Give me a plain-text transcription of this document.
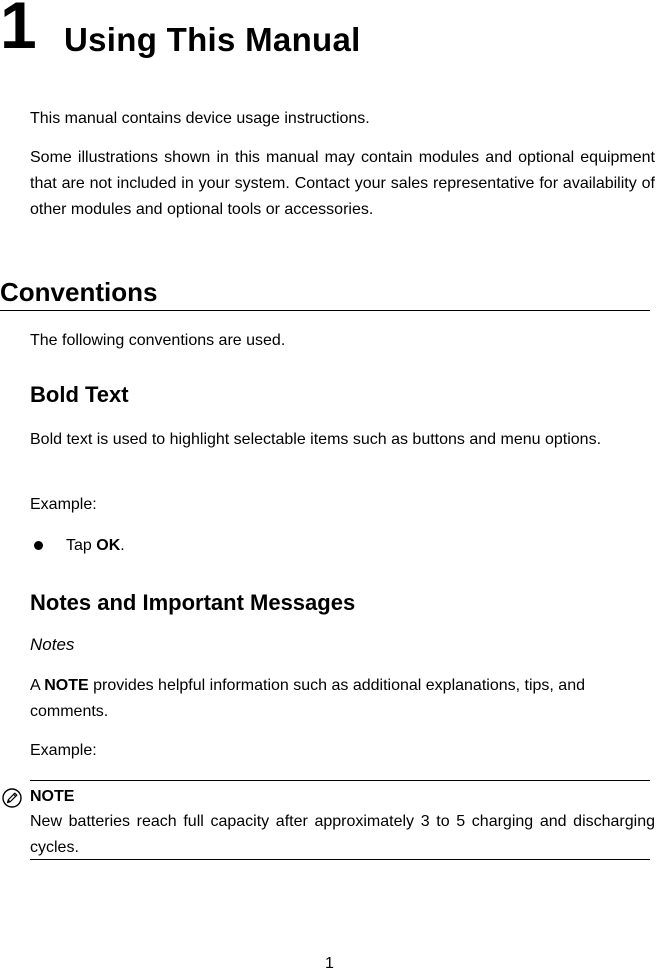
1 Using This Manual
This manual contains device usage instructions.
Some illustrations shown in this manual may contain modules and optional equipment that are not included in your system. Contact your sales representative for availability of other modules and optional tools or accessories.
Conventions
The following conventions are used.
Bold Text
Bold text is used to highlight selectable items such as buttons and menu options.
Example:
Tap OK.
Notes and Important Messages
Notes
A NOTE provides helpful information such as additional explanations, tips, and comments.
Example:
NOTE
New batteries reach full capacity after approximately 3 to 5 charging and discharging cycles.
1
